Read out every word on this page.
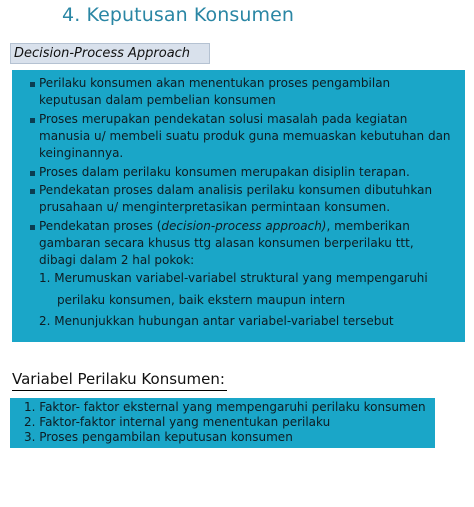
4. Keputusan Konsumen
Decision-Process Approach
Perilaku konsumen akan menentukan proses pengambilan
keputusan dalam pembelian konsumen
Proses merupakan pendekatan solusi masalah pada kegiatan
manusia u/ membeli suatu produk guna memuaskan kebutuhan dan
keinginannya.
Proses dalam perilaku konsumen merupakan disiplin terapan.
Pendekatan proses dalam analisis perilaku konsumen dibutuhkan
prusahaan u/ menginterpretasikan permintaan konsumen.
Pendekatan proses (decision-process approach), memberikan
gambaran secara khusus ttg alasan konsumen berperilaku ttt,
dibagi dalam 2 hal pokok:
1. Merumuskan variabel-variabel struktural yang mempengaruhi
perilaku konsumen, baik ekstern maupun intern
2. Menunjukkan hubungan antar variabel-variabel tersebut
Variabel Perilaku Konsumen:
1. Faktor- faktor eksternal yang mempengaruhi perilaku konsumen
2. Faktor-faktor internal yang menentukan perilaku
3. Proses pengambilan keputusan konsumen
